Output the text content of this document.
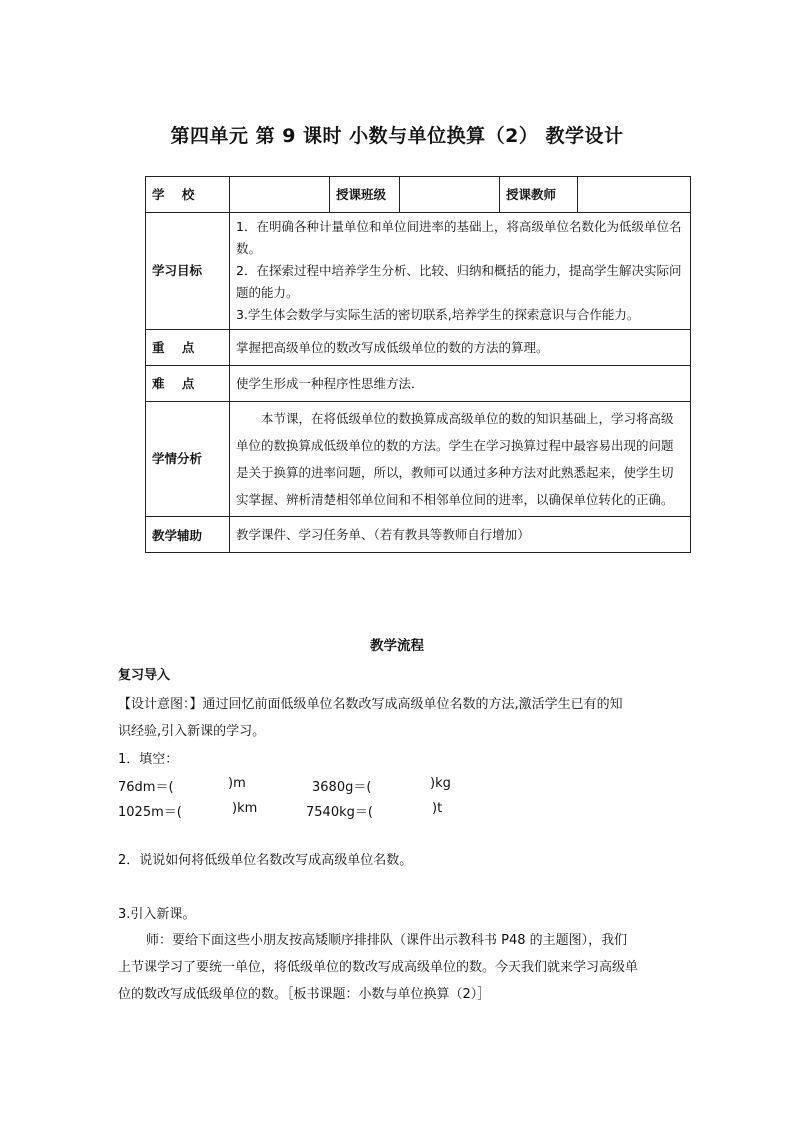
第四单元 第 9 课时 小数与单位换算（2） 教学设计
学    校		授课班级		授课教师	
学习目标	1．在明确各种计量单位和单位间进率的基础上，将高级单位名数化为低级单位名数。
2．在探索过程中培养学生分析、比较、归纳和概括的能力，提高学生解决实际问题的能力。
3.学生体会数学与实际生活的密切联系,培养学生的探索意识与合作能力。				

重    点	掌握把高级单位的数改写成低级单位的数的方法的算理。				
难    点	使学生形成一种程序性思维方法．				
学情分析	本节课，在将低级单位的数换算成高级单位的数的知识基础上，学习将高级单位的数换算成低级单位的数的方法。学生在学习换算过程中最容易出现的问题是关于换算的进率问题，所以，教师可以通过多种方法对此熟悉起来，使学生切实掌握、辨析清楚相邻单位间和不相邻单位间的进率，以确保单位转化的正确。				
教学辅助	教学课件、学习任务单、（若有教具等教师自行增加）				
教学流程
复习导入
【设计意图：】通过回忆前面低级单位名数改写成高级单位名数的方法,激活学生已有的知
识经验,引入新课的学习。
1．填空：
76dm＝(	)m	3680g＝(	)kg
1025m＝(	)km	7540kg＝(	)t
2．说说如何将低级单位名数改写成高级单位名数。
3.引入新课。
师：要给下面这些小朋友按高矮顺序排排队（课件出示教科书 P48 的主题图），我们
上节课学习了要统一单位，将低级单位的数改写成高级单位的数。今天我们就来学习高级单
位的数改写成低级单位的数。［板书课题：小数与单位换算（2）］
